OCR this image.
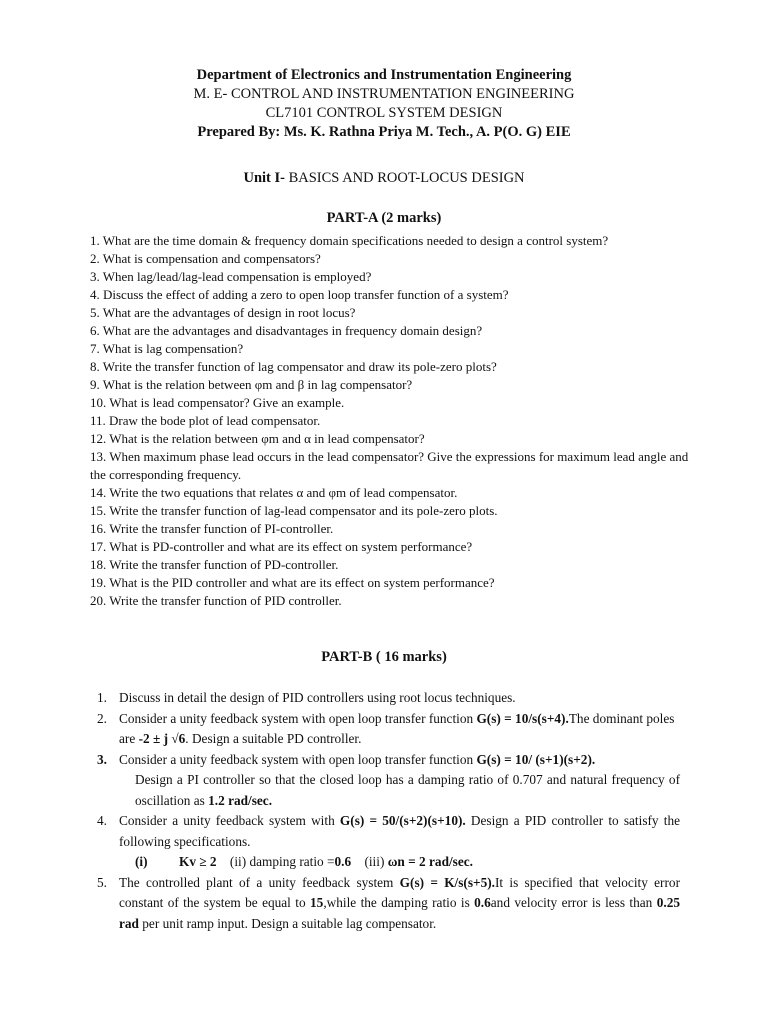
Department of Electronics and Instrumentation Engineering
M. E- CONTROL AND INSTRUMENTATION ENGINEERING
CL7101 CONTROL SYSTEM DESIGN
Prepared By: Ms. K. Rathna Priya M. Tech., A. P(O. G) EIE
Unit I- BASICS AND ROOT-LOCUS DESIGN
PART-A (2 marks)
1. What are the time domain & frequency domain specifications needed to design a control system?
2. What is compensation and compensators?
3. When lag/lead/lag-lead compensation is employed?
4. Discuss the effect of adding a zero to open loop transfer function of a system?
5. What are the advantages of design in root locus?
6. What are the advantages and disadvantages in frequency domain design?
7. What is lag compensation?
8. Write the transfer function of lag compensator and draw its pole-zero plots?
9. What is the relation between φm and β in lag compensator?
10. What is lead compensator? Give an example.
11. Draw the bode plot of lead compensator.
12. What is the relation between φm and α in lead compensator?
13. When maximum phase lead occurs in the lead compensator? Give the expressions for maximum lead angle and the corresponding frequency.
14. Write the two equations that relates α and φm of lead compensator.
15. Write the transfer function of lag-lead compensator and its pole-zero plots.
16. Write the transfer function of PI-controller.
17. What is PD-controller and what are its effect on system performance?
18. Write the transfer function of PD-controller.
19. What is the PID controller and what are its effect on system performance?
20. Write the transfer function of PID controller.
PART-B ( 16 marks)
1. Discuss in detail the design of PID controllers using root locus techniques.
2. Consider a unity feedback system with open loop transfer function G(s) = 10/s(s+4).The dominant poles are -2 ± j √6. Design a suitable PD controller.
3. Consider a unity feedback system with open loop transfer function G(s) = 10/ (s+1)(s+2).
Design a PI controller so that the closed loop has a damping ratio of 0.707 and natural frequency of oscillation as 1.2 rad/sec.
4. Consider a unity feedback system with G(s) = 50/(s+2)(s+10). Design a PID controller to satisfy the following specifications.
(i) Kv ≥ 2 (ii) damping ratio =0.6 (iii) ωn = 2 rad/sec.
5. The controlled plant of a unity feedback system G(s) = K/s(s+5).It is specified that velocity error constant of the system be equal to 15,while the damping ratio is 0.6and velocity error is less than 0.25 rad per unit ramp input. Design a suitable lag compensator.
